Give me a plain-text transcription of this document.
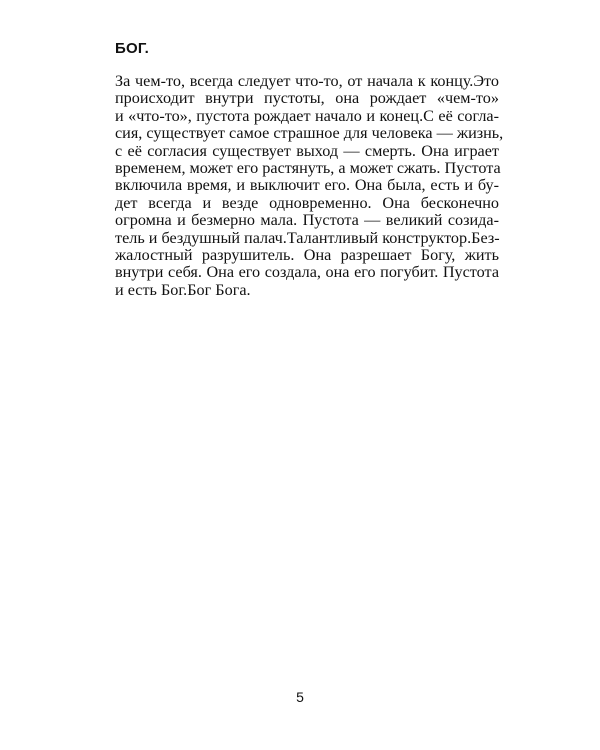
БОГ.
За чем-то, всегда следует что-то, от начала к концу.Это
происходит внутри пустоты, она рождает «чем-то»
и «что-то», пустота рождает начало и конец.С её согла-
сия, существует самое страшное для человека — жизнь,
с её согласия существует выход — смерть. Она играет
временем, может его растянуть, а может сжать. Пустота
включила время, и выключит его. Она была, есть и бу-
дет всегда и везде одновременно. Она бесконечно
огромна и безмерно мала. Пустота — великий созида-
тель и бездушный палач.Талантливый конструктор.Без-
жалостный разрушитель. Она разрешает Богу, жить
внутри себя. Она его создала, она его погубит. Пустота
и есть Бог.Бог Бога.
5
